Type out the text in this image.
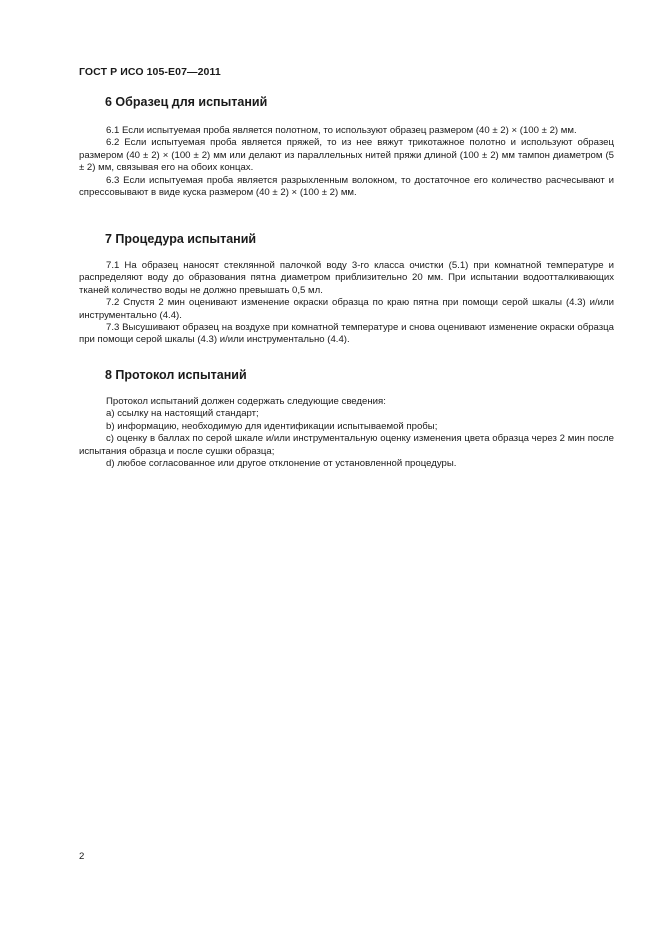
ГОСТ Р ИСО 105-E07—2011
6 Образец для испытаний

6.1 Если испытуемая проба является полотном, то используют образец размером (40 ± 2) × (100 ± 2) мм.

6.2 Если испытуемая проба является пряжей, то из нее вяжут трикотажное полотно и используют образец размером (40 ± 2) × (100 ± 2) мм или делают из параллельных нитей пряжи длиной (100 ± 2) мм тампон диаметром (5 ± 2) мм, связывая его на обоих концах.

6.3 Если испытуемая проба является разрыхленным волокном, то достаточное его количество расчесывают и спрессовывают в виде куска размером (40 ± 2) × (100 ± 2) мм.

7 Процедура испытаний

7.1 На образец наносят стеклянной палочкой воду 3-го класса очистки (5.1) при комнатной температуре и распределяют воду до образования пятна диаметром приблизительно 20 мм. При испытании водоотталкивающих тканей количество воды не должно превышать 0,5 мл.

7.2 Спустя 2 мин оценивают изменение окраски образца по краю пятна при помощи серой шкалы (4.3) и/или инструментально (4.4).

7.3 Высушивают образец на воздухе при комнатной температуре и снова оценивают изменение окраски образца при помощи серой шкалы (4.3) и/или инструментально (4.4).

8 Протокол испытаний

Протокол испытаний должен содержать следующие сведения:

a) ссылку на настоящий стандарт;

b) информацию, необходимую для идентификации испытываемой пробы;

c) оценку в баллах по серой шкале и/или инструментальную оценку изменения цвета образца через 2 мин после испытания образца и после сушки образца;

d) любое согласованное или другое отклонение от установленной процедуры.

2
